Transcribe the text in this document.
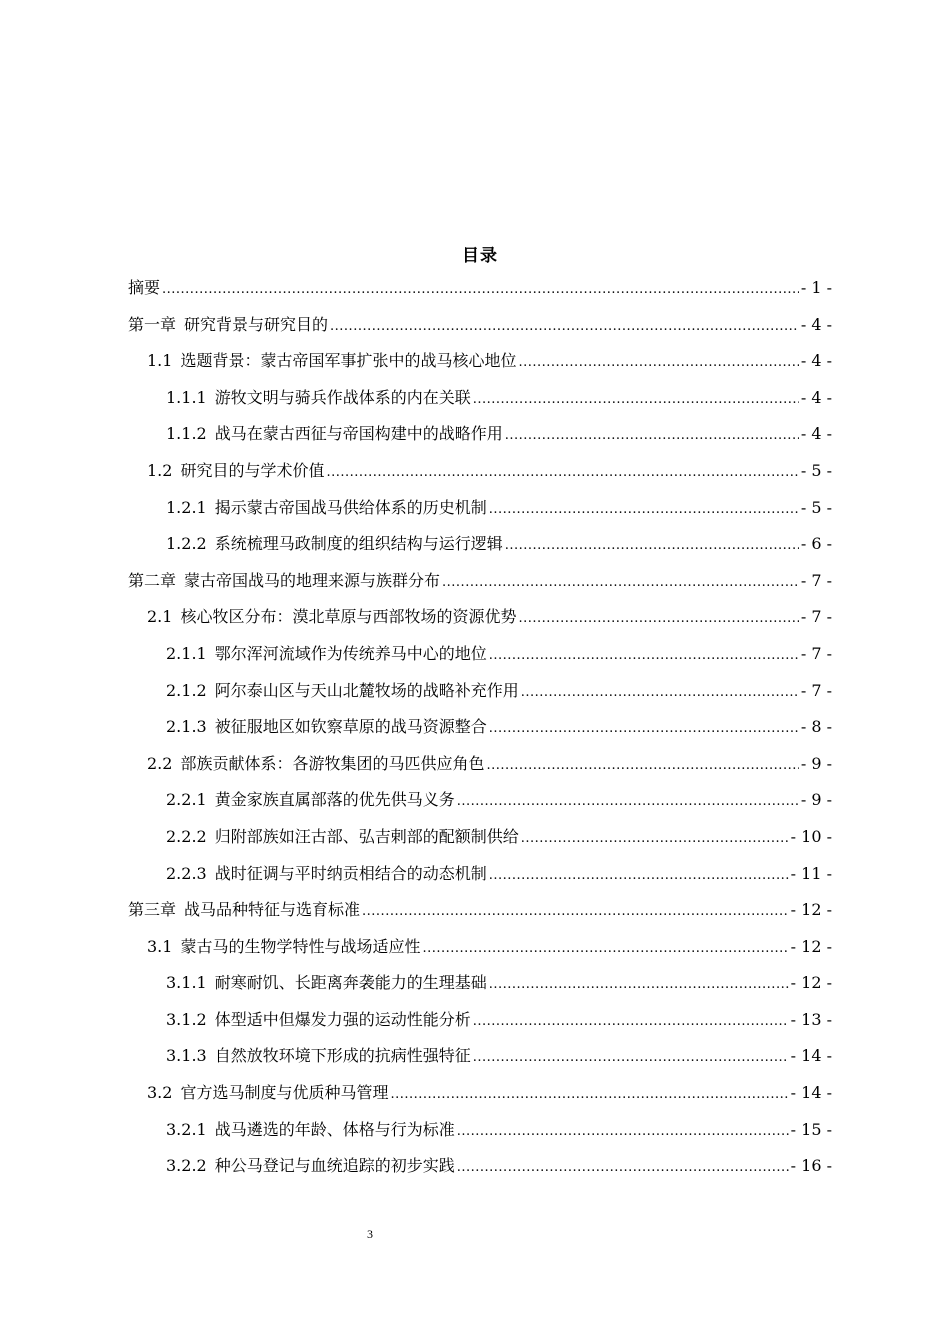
目录
摘要 .....	- 1 -
第一章 研究背景与研究目的 .....	- 4 -
1.1 选题背景：蒙古帝国军事扩张中的战马核心地位 .....	- 4 -
1.1.1 游牧文明与骑兵作战体系的内在关联 .....	- 4 -
1.1.2 战马在蒙古西征与帝国构建中的战略作用 .....	- 4 -
1.2 研究目的与学术价值 .....	- 5 -
1.2.1 揭示蒙古帝国战马供给体系的历史机制 .....	- 5 -
1.2.2 系统梳理马政制度的组织结构与运行逻辑 .....	- 6 -
第二章 蒙古帝国战马的地理来源与族群分布 .....	- 7 -
2.1 核心牧区分布：漠北草原与西部牧场的资源优势 .....	- 7 -
2.1.1 鄂尔浑河流域作为传统养马中心的地位 .....	- 7 -
2.1.2 阿尔泰山区与天山北麓牧场的战略补充作用 .....	- 7 -
2.1.3 被征服地区如钦察草原的战马资源整合 .....	- 8 -
2.2 部族贡献体系：各游牧集团的马匹供应角色 .....	- 9 -
2.2.1 黄金家族直属部落的优先供马义务 .....	- 9 -
2.2.2 归附部族如汪古部、弘吉剌部的配额制供给 .....	- 10 -
2.2.3 战时征调与平时纳贡相结合的动态机制 .....	- 11 -
第三章 战马品种特征与选育标准 .....	- 12 -
3.1 蒙古马的生物学特性与战场适应性 .....	- 12 -
3.1.1 耐寒耐饥、长距离奔袭能力的生理基础 .....	- 12 -
3.1.2 体型适中但爆发力强的运动性能分析 .....	- 13 -
3.1.3 自然放牧环境下形成的抗病性强特征 .....	- 14 -
3.2 官方选马制度与优质种马管理 .....	- 14 -
3.2.1 战马遴选的年龄、体格与行为标准 .....	- 15 -
3.2.2 种公马登记与血统追踪的初步实践 .....	- 16 -
3
